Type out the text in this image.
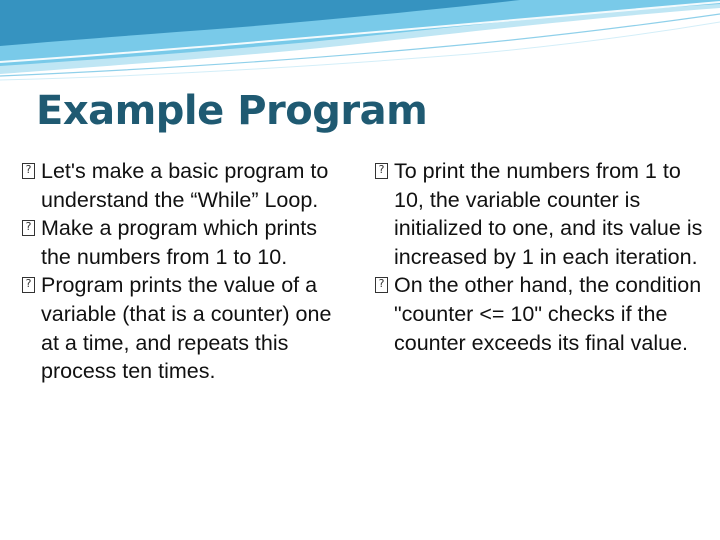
Example Program
?
Let's make a basic program to understand the “While” Loop.
?
Make a program which prints the numbers from 1 to 10.
?
Program prints the value of a variable (that is a counter) one at a time, and repeats this process ten times.
?
To print the numbers from 1 to 10, the variable counter is initialized to one, and its value is increased by 1 in each iteration.
?
On the other hand, the condition "counter <= 10" checks if the counter exceeds its final value.
